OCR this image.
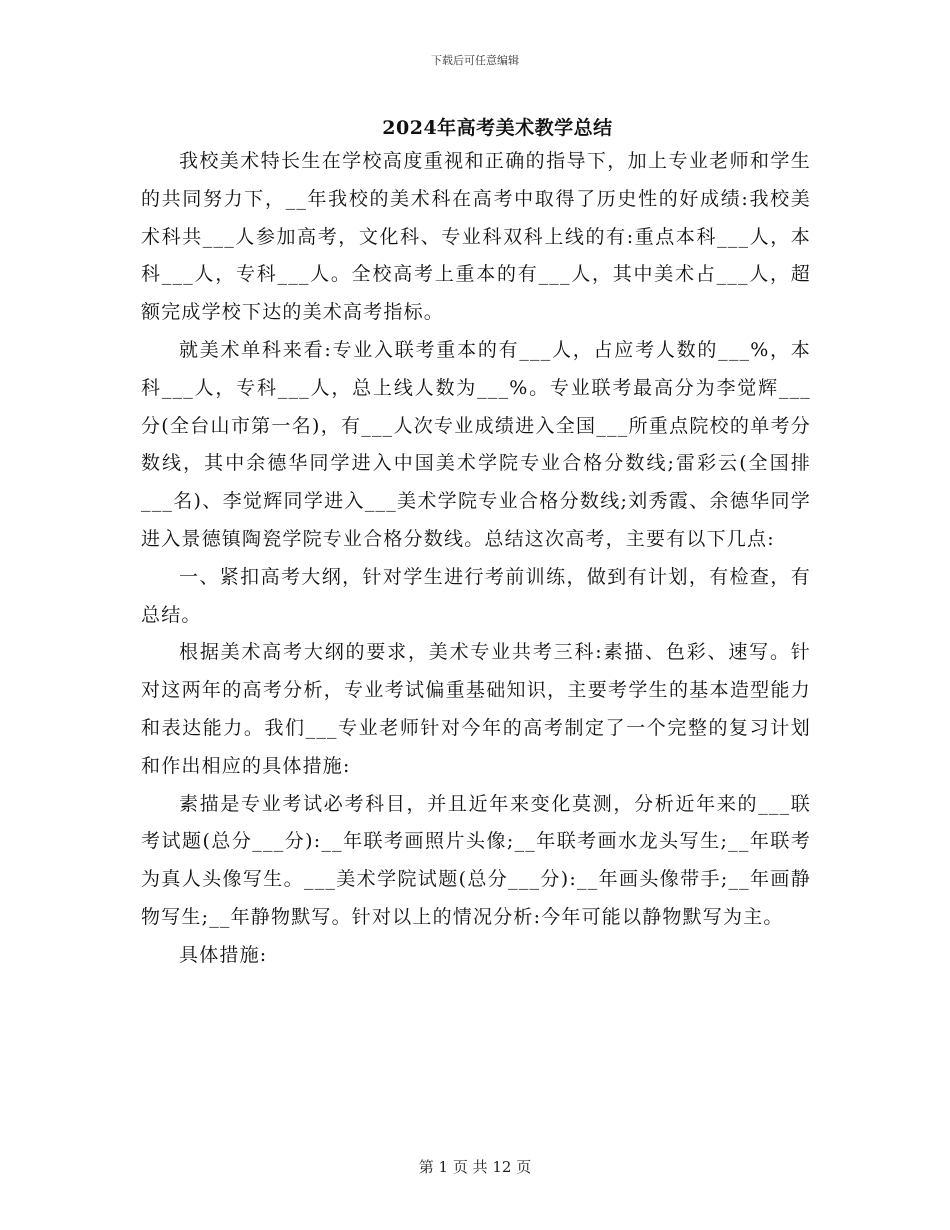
下载后可任意编辑
2024年高考美术教学总结

我校美术特长生在学校高度重视和正确的指导下，加上专业老师和学生的共同努力下，__年我校的美术科在高考中取得了历史性的好成绩:我校美术科共___人参加高考，文化科、专业科双科上线的有:重点本科___人，本科___人，专科___人。全校高考上重本的有___人，其中美术占___人，超额完成学校下达的美术高考指标。

就美术单科来看:专业入联考重本的有___人，占应考人数的___%，本科___人，专科___人，总上线人数为___%。专业联考最高分为李觉辉___分(全台山市第一名)，有___人次专业成绩进入全国___所重点院校的单考分数线，其中余德华同学进入中国美术学院专业合格分数线;雷彩云(全国排___名)、李觉辉同学进入___美术学院专业合格分数线;刘秀霞、余德华同学进入景德镇陶瓷学院专业合格分数线。总结这次高考，主要有以下几点:

一、紧扣高考大纲，针对学生进行考前训练，做到有计划，有检查，有总结。

根据美术高考大纲的要求，美术专业共考三科:素描、色彩、速写。针对这两年的高考分析，专业考试偏重基础知识，主要考学生的基本造型能力和表达能力。我们___专业老师针对今年的高考制定了一个完整的复习计划和作出相应的具体措施:

素描是专业考试必考科目，并且近年来变化莫测，分析近年来的___联考试题(总分___分):__年联考画照片头像;__年联考画水龙头写生;__年联考为真人头像写生。___美术学院试题(总分___分):__年画头像带手;__年画静物写生;__年静物默写。针对以上的情况分析:今年可能以静物默写为主。

具体措施:

第 1 页 共 12 页
